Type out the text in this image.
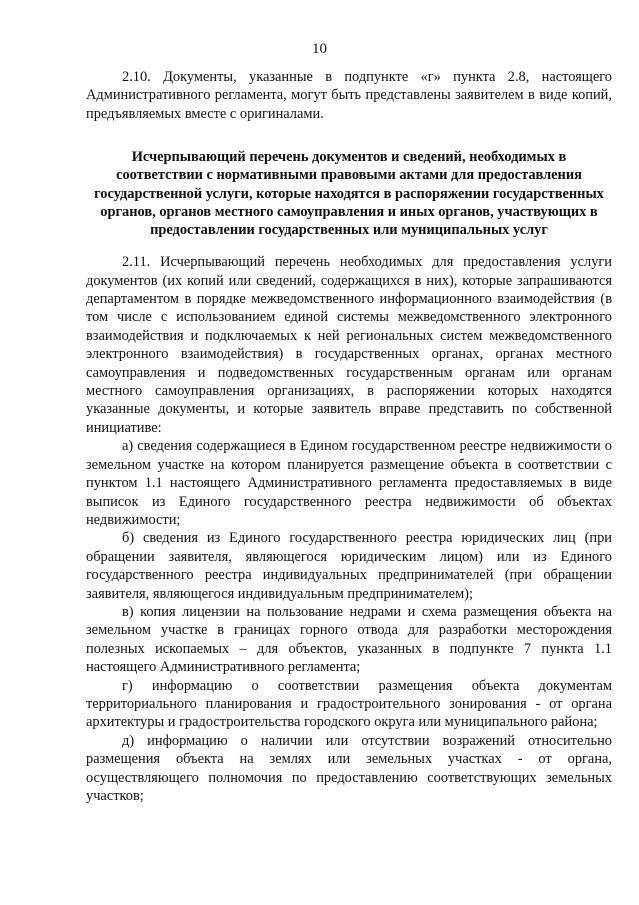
10

2.10. Документы, указанные в подпункте «г» пункта 2.8, настоящего Административного регламента, могут быть представлены заявителем в виде копий, предъявляемых вместе с оригиналами.

Исчерпывающий перечень документов и сведений, необходимых в соответствии с нормативными правовыми актами для предоставления государственной услуги, которые находятся в распоряжении государственных органов, органов местного самоуправления и иных органов, участвующих в предоставлении государственных или муниципальных услуг

2.11. Исчерпывающий перечень необходимых для предоставления услуги документов (их копий или сведений, содержащихся в них), которые запрашиваются департаментом в порядке межведомственного информационного взаимодействия (в том числе с использованием единой системы межведомственного электронного взаимодействия и подключаемых к ней региональных систем межведомственного электронного взаимодействия) в государственных органах, органах местного самоуправления и подведомственных государственным органам или органам местного самоуправления организациях, в распоряжении которых находятся указанные документы, и которые заявитель вправе представить по собственной инициативе:

а) сведения содержащиеся в Едином государственном реестре недвижимости о земельном участке на котором планируется размещение объекта в соответствии с пунктом 1.1 настоящего Административного регламента предоставляемых в виде выписок из Единого государственного реестра недвижимости об объектах недвижимости;

б) сведения из Единого государственного реестра юридических лиц (при обращении заявителя, являющегося юридическим лицом) или из Единого государственного реестра индивидуальных предпринимателей (при обращении заявителя, являющегося индивидуальным предпринимателем);

в) копия лицензии на пользование недрами и схема размещения объекта на земельном участке в границах горного отвода для разработки месторождения полезных ископаемых – для объектов, указанных в подпункте 7 пункта 1.1 настоящего Административного регламента;

г) информацию о соответствии размещения объекта документам территориального планирования и градостроительного зонирования - от органа архитектуры и градостроительства городского округа или муниципального района;

д) информацию о наличии или отсутствии возражений относительно размещения объекта на землях или земельных участках - от органа, осуществляющего полномочия по предоставлению соответствующих земельных участков;
